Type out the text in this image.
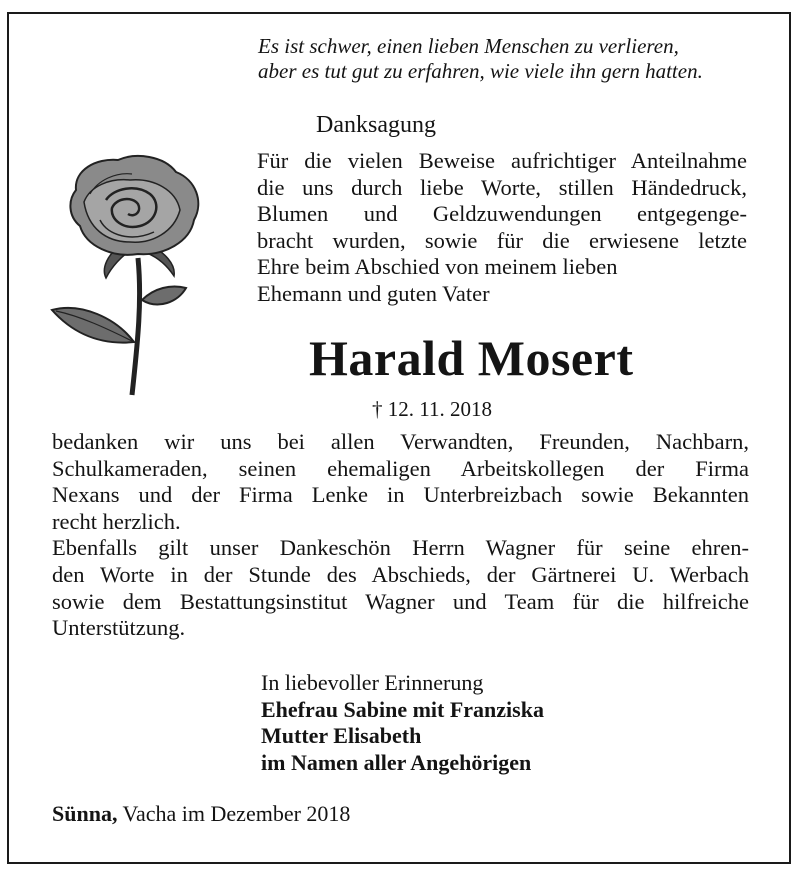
Es ist schwer, einen lieben Menschen zu verlieren,
aber es tut gut zu erfahren, wie viele ihn gern hatten.
Danksagung
Für die vielen Beweise aufrichtiger Anteilnahme
die uns durch liebe Worte, stillen Händedruck,
Blumen und Geldzuwendungen entgegenge-
bracht wurden, sowie für die erwiesene letzte
Ehre beim Abschied von meinem lieben
Ehemann und guten Vater
Harald Mosert
† 12. 11. 2018
bedanken wir uns bei allen Verwandten, Freunden, Nachbarn,
Schulkameraden, seinen ehemaligen Arbeitskollegen der Firma
Nexans und der Firma Lenke in Unterbreizbach sowie Bekannten
recht herzlich.
Ebenfalls gilt unser Dankeschön Herrn Wagner für seine ehren-
den Worte in der Stunde des Abschieds, der Gärtnerei U. Werbach
sowie dem Bestattungsinstitut Wagner und Team für die hilfreiche
Unterstützung.
In liebevoller Erinnerung
Ehefrau Sabine mit Franziska
Mutter Elisabeth
im Namen aller Angehörigen
Sünna, Vacha im Dezember 2018
